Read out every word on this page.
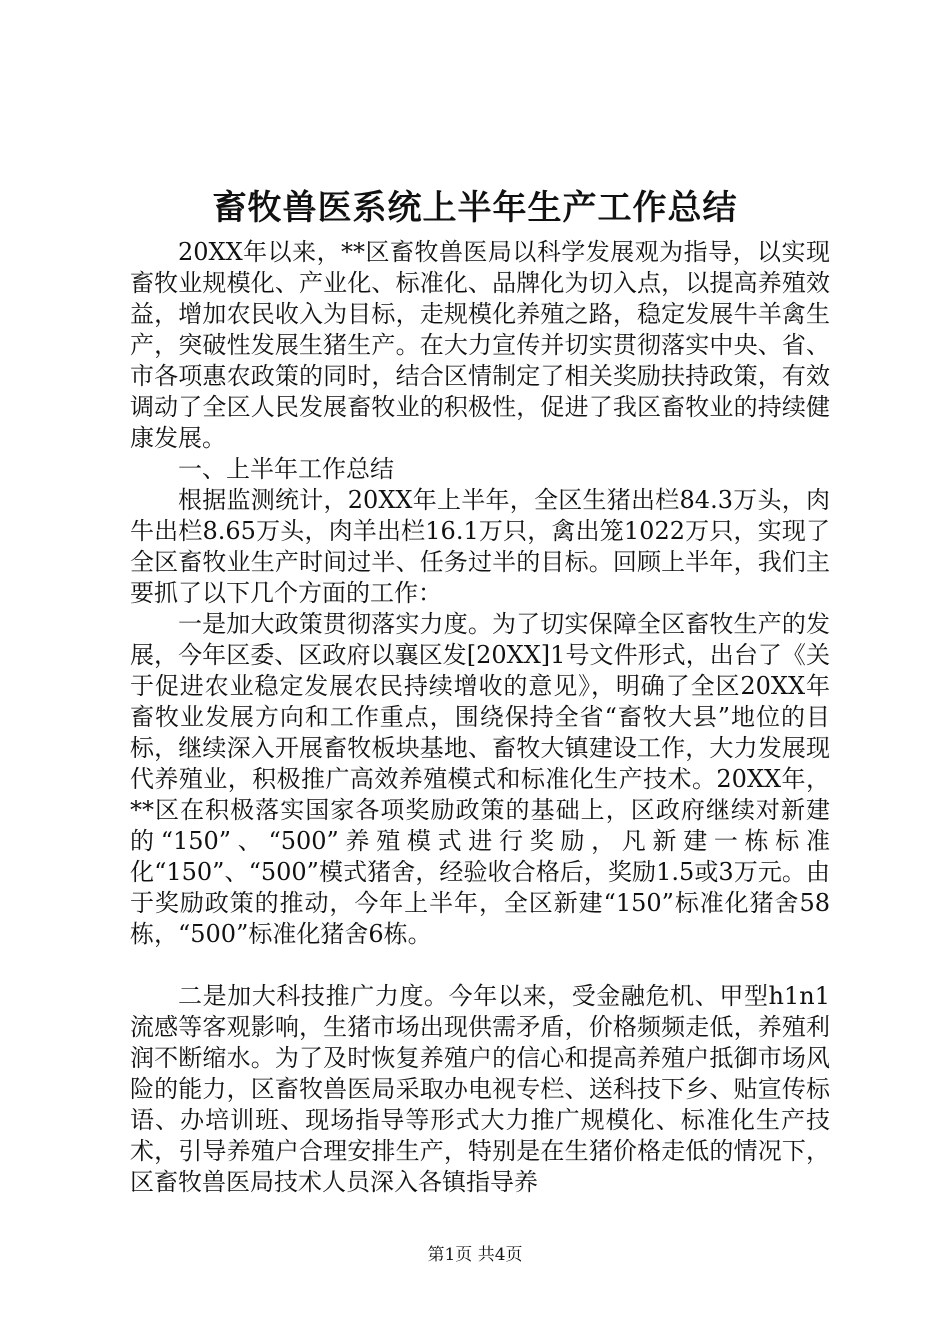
畜牧兽医系统上半年生产工作总结

20XX年以来，**区畜牧兽医局以科学发展观为指导，以实现畜牧业规模化、产业化、标准化、品牌化为切入点，以提高养殖效益，增加农民收入为目标，走规模化养殖之路，稳定发展牛羊禽生产，突破性发展生猪生产。在大力宣传并切实贯彻落实中央、省、市各项惠农政策的同时，结合区情制定了相关奖励扶持政策，有效调动了全区人民发展畜牧业的积极性，促进了我区畜牧业的持续健康发展。

一、上半年工作总结

根据监测统计，20XX年上半年，全区生猪出栏84.3万头，肉牛出栏8.65万头，肉羊出栏16.1万只，禽出笼1022万只，实现了全区畜牧业生产时间过半、任务过半的目标。回顾上半年，我们主要抓了以下几个方面的工作：

一是加大政策贯彻落实力度。为了切实保障全区畜牧生产的发展，今年区委、区政府以襄区发[20XX]1号文件形式，出台了《关于促进农业稳定发展农民持续增收的意见》，明确了全区20XX年畜牧业发展方向和工作重点，围绕保持全省“畜牧大县”地位的目标，继续深入开展畜牧板块基地、畜牧大镇建设工作，大力发展现代养殖业，积极推广高效养殖模式和标准化生产技术。20XX年，**区在积极落实国家各项奖励政策的基础上，区政府继续对新建的“150”、“500”养殖模式进行奖励，凡新建一栋标准化“150”、“500”模式猪舍，经验收合格后，奖励1.5或3万元。由于奖励政策的推动，今年上半年，全区新建“150”标准化猪舍58栋，“500”标准化猪舍6栋。

二是加大科技推广力度。今年以来，受金融危机、甲型h1n1流感等客观影响，生猪市场出现供需矛盾，价格频频走低，养殖利润不断缩水。为了及时恢复养殖户的信心和提高养殖户抵御市场风险的能力，区畜牧兽医局采取办电视专栏、送科技下乡、贴宣传标语、办培训班、现场指导等形式大力推广规模化、标准化生产技术，引导养殖户合理安排生产，特别是在生猪价格走低的情况下，区畜牧兽医局技术人员深入各镇指导养

第1页 共4页
